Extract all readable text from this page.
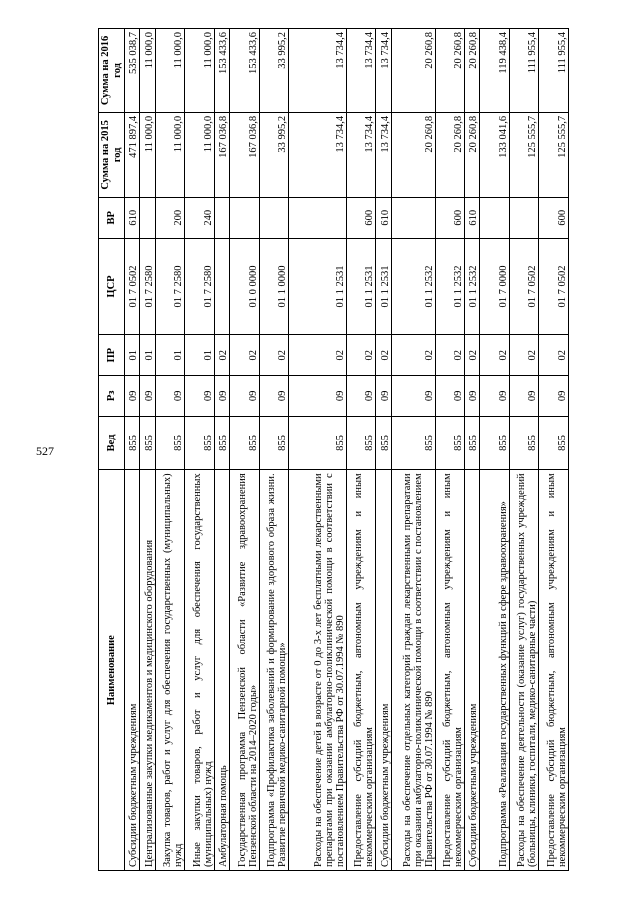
527
Наименование	Вед	Рз	ПР	ЦСР	ВР	Сумма на 2015 год	Сумма на 2016 год
Субсидии бюджетным учреждениям	855	09	01	01 7 0502	610	471 897,4	535 038,7
Централизованные закупки медикаментов и медицинского оборудования	855	09	01	01 7 2580		11 000,0	11 000,0
Закупка товаров, работ и услуг для обеспечения государственных (муниципальных) нужд	855	09	01	01 7 2580	200	11 000,0	11 000,0
Иные закупки товаров, работ и услуг для обеспечения государственных (муниципальных) нужд	855	09	01	01 7 2580	240	11 000,0	11 000,0
Амбулаторная помощь	855	09	02			167 036,8	153 433,6
Государственная программа Пензенской области «Развитие здравоохранения Пензенской области на 2014–2020 годы»	855	09	02	01 0 0000		167 036,8	153 433,6
Подпрограмма «Профилактика заболеваний и формирование здорового образа жизни. Развитие первичной медико-санитарной помощи»	855	09	02	01 1 0000		33 995,2	33 995,2
Расходы на обеспечение детей в возрасте от 0 до 3-х лет бесплатными лекарственными препаратами при оказании амбулаторно-поликлинической помощи в соответствии с постановлением Правительства РФ от 30.07.1994 № 890	855	09	02	01 1 2531		13 734,4	13 734,4
Предоставление субсидий бюджетным, автономным учреждениям и иным некоммерческим организациям	855	09	02	01 1 2531	600	13 734,4	13 734,4
Субсидии бюджетным учреждениям	855	09	02	01 1 2531	610	13 734,4	13 734,4
Расходы на обеспечение отдельных категорий граждан лекарственными препаратами при оказании амбулаторно-поликлинической помощи в соответствии с постановлением Правительства РФ от 30.07.1994 № 890	855	09	02	01 1 2532		20 260,8	20 260,8
Предоставление субсидий бюджетным, автономным учреждениям и иным некоммерческим организациям	855	09	02	01 1 2532	600	20 260,8	20 260,8
Субсидии бюджетным учреждениям	855	09	02	01 1 2532	610	20 260,8	20 260,8
Подпрограмма «Реализация государственных функций в сфере здравоохранения»	855	09	02	01 7 0000		133 041,6	119 438,4
Расходы на обеспечение деятельности (оказание услуг) государственных учреждений (больницы, клиники, госпитали, медико-санитарные части)	855	09	02	01 7 0502		125 555,7	111 955,4
Предоставление субсидий бюджетным, автономным учреждениям и иным некоммерческим организациям	855	09	02	01 7 0502	600	125 555,7	111 955,4
